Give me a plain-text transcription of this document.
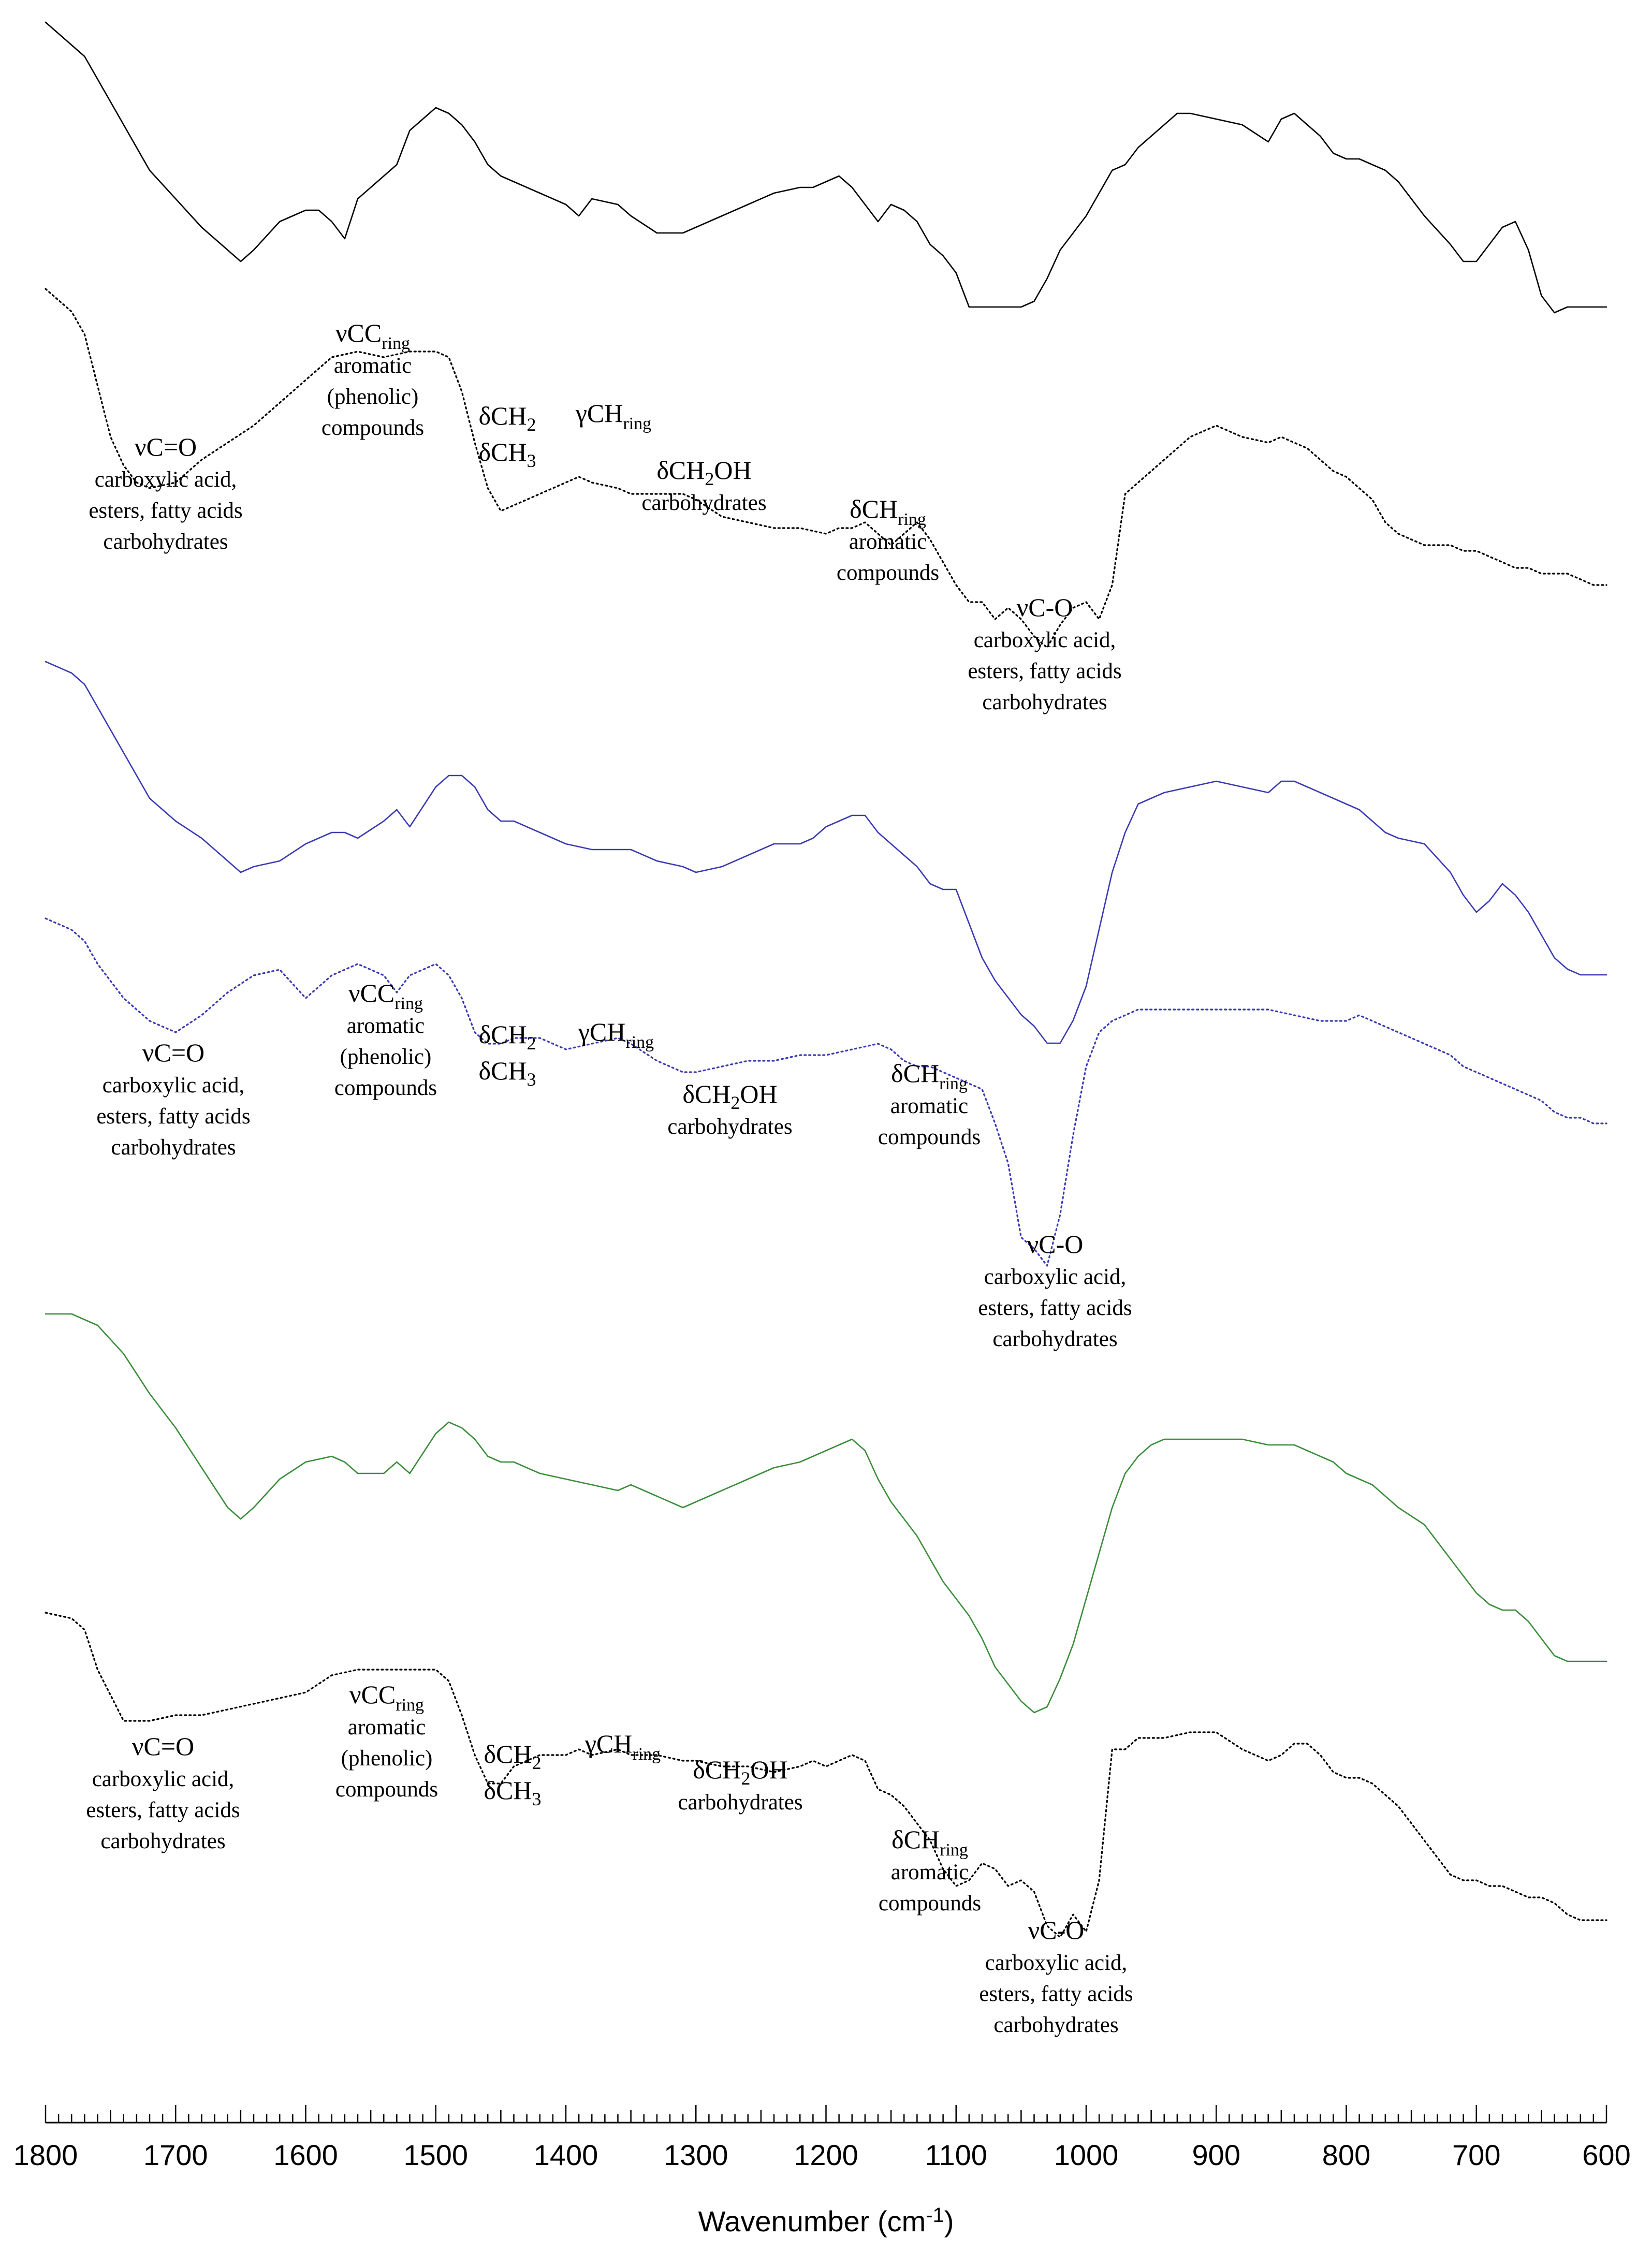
νC=O
carboxylic acid,
esters, fatty acids
carbohydrates
νCC$_{ring}$
aromatic
(phenolic)
compounds δCH$_2$
δCH$_3$
γCH$_{ring}$
δCH$_2$OH
carbohydrates	δCH$_{ring}$
aromatic
compounds
νC-O
carboxylic acid,
esters, fatty acids
carbohydrates
νC=O
carboxylic acid,
esters, fatty acids
carbohydrates
νCC$_{ring}$
aromatic
(phenolic)
compounds
δCH$_2$
δCH$_3$
γCH$_{ring}$
δCH$_2$OH
carbohydrates
δCH$_{ring}$
aromatic
compounds
νC-O
carboxylic acid,
esters, fatty acids
carbohydrates
νC=O
carboxylic acid,
esters, fatty acids
carbohydrates
νCC$_{ring}$
aromatic
(phenolic)
compounds
δCH$_2$
δCH$_3$
γCH$_{ring}$
δCH$_2$OH
carbohydrates
δCH$_{ring}$
aromatic
compounds
νC-O
carboxylic acid,
esters, fatty acids
carbohydrates
1800 1700 1600 1500 1400 1300 1200 1100 1000	900	800	700	600
Wavenumber $(cm^{-1})$
